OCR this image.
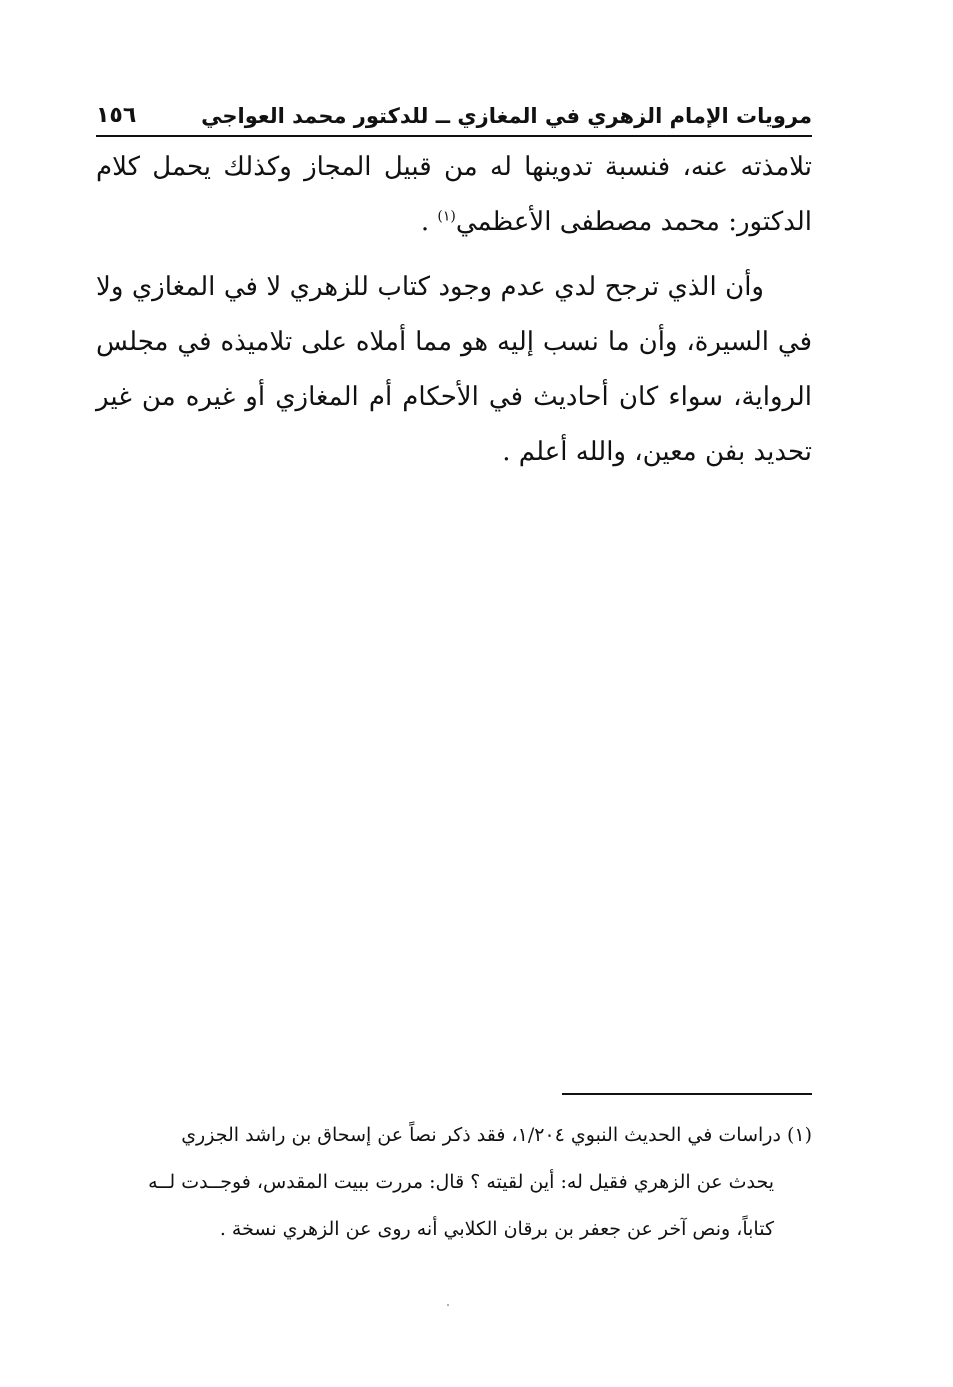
مرويات الإمام الزهري في المغازي ــ للدكتور محمد العواجي
١٥٦

تلامذته عنه، فنسبة تدوينها له من قبيل المجاز وكذلك يحمل كلام الدكتور: محمد مصطفى الأعظمي$^{(١)}$ .

وأن الذي ترجح لدي عدم وجود كتاب للزهري لا في المغازي ولا في السيرة، وأن ما نسب إليه هو مما أملاه على تلاميذه في مجلس الرواية، سواء كان أحاديث في الأحكام أم المغازي أو غيره من غير تحديد بفن معين، والله أعلم .

(١) دراسات في الحديث النبوي ١/٢٠٤، فقد ذكر نصاً عن إسحاق بن راشد الجزري
يحدث عن الزهري فقيل له: أين لقيته ؟ قال: مررت ببيت المقدس، فوجــدت لــه
كتاباً، ونص آخر عن جعفر بن برقان الكلابي أنه روى عن الزهري نسخة .
